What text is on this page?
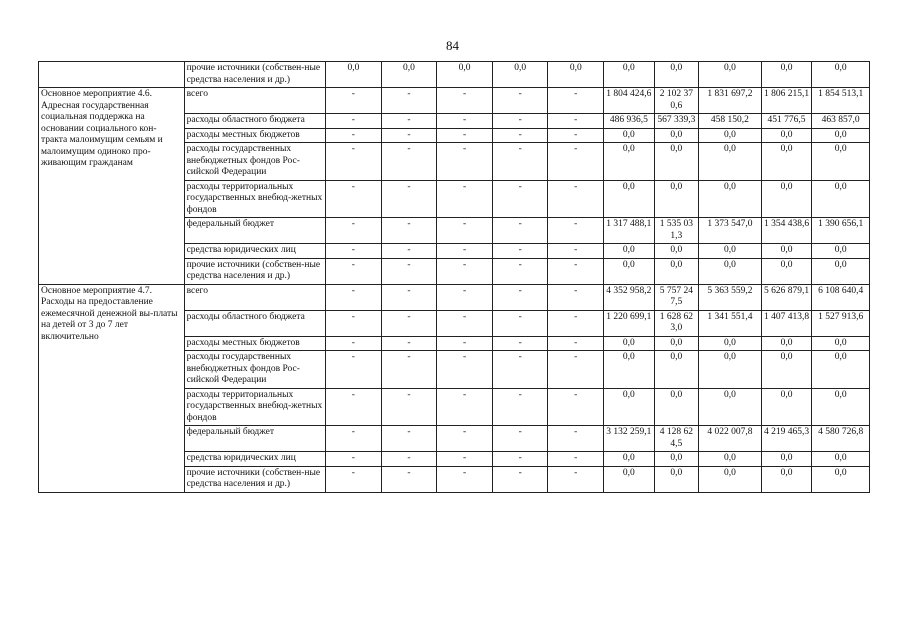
84
	прочие источники (собствен-ные средства населения и др.)	0,0	0,0	0,0	0,0	0,0	0,0	0,0	0,0	0,0	0,0
Основное мероприятие 4.6. Адресная государственная социальная поддержка на основании социального кон-тракта малоимущим семьям и малоимущим одиноко про-живающим гражданам	всего	-	-	-	-	-	1 804 424,6	2 102 370,6	1 831 697,2	1 806 215,1	1 854 513,1
	расходы областного бюджета	-	-	-	-	-	486 936,5	567 339,3	458 150,2	451 776,5	463 857,0
	расходы местных бюджетов	-	-	-	-	-	0,0	0,0	0,0	0,0	0,0
	расходы государственных внебюджетных фондов Рос-сийской Федерации	-	-	-	-	-	0,0	0,0	0,0	0,0	0,0
	расходы территориальных государственных внебюд-жетных фондов	-	-	-	-	-	0,0	0,0	0,0	0,0	0,0
	федеральный бюджет	-	-	-	-	-	1 317 488,1	1 535 031,3	1 373 547,0	1 354 438,6	1 390 656,1
	средства юридических лиц	-	-	-	-	-	0,0	0,0	0,0	0,0	0,0
	прочие источники (собствен-ные средства населения и др.)	-	-	-	-	-	0,0	0,0	0,0	0,0	0,0
Основное мероприятие 4.7. Расходы на предоставление ежемесячной денежной вы-платы на детей от 3 до 7 лет включительно	всего	-	-	-	-	-	4 352 958,2	5 757 247,5	5 363 559,2	5 626 879,1	6 108 640,4
	расходы областного бюджета	-	-	-	-	-	1 220 699,1	1 628 623,0	1 341 551,4	1 407 413,8	1 527 913,6
	расходы местных бюджетов	-	-	-	-	-	0,0	0,0	0,0	0,0	0,0
	расходы государственных внебюджетных фондов Рос-сийской Федерации	-	-	-	-	-	0,0	0,0	0,0	0,0	0,0
	расходы территориальных государственных внебюд-жетных фондов	-	-	-	-	-	0,0	0,0	0,0	0,0	0,0
	федеральный бюджет	-	-	-	-	-	3 132 259,1	4 128 624,5	4 022 007,8	4 219 465,3	4 580 726,8
	средства юридических лиц	-	-	-	-	-	0,0	0,0	0,0	0,0	0,0
	прочие источники (собствен-ные средства населения и др.)	-	-	-	-	-	0,0	0,0	0,0	0,0	0,0
